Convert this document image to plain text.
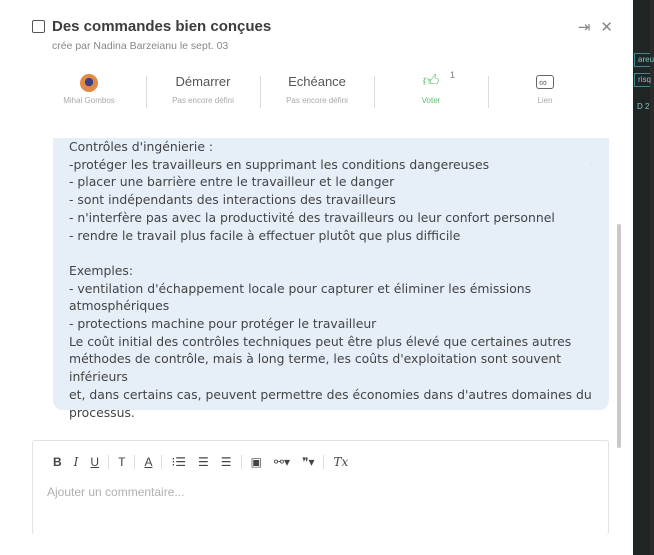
areu
risq
D 2
Des commandes bien conçues
crée par Nadina Barzeianu le sept. 03
⇥ ✕
Mihai Gombos
Démarrer
Pas encore défini
Echéance
Pas encore défini
👍︎	1
Voter
∞	Lien
Contrôles d'ingénierie :
-protéger les travailleurs en supprimant les conditions dangereuses
- placer une barrière entre le travailleur et le danger
- sont indépendants des interactions des travailleurs
- n'interfère pas avec la productivité des travailleurs ou leur confort personnel
- rendre le travail plus facile à effectuer plutôt que plus difficile

Exemples:
- ventilation d'échappement locale pour capturer et éliminer les émissions
atmosphériques
- protections machine pour protéger le travailleur
Le coût initial des contrôles techniques peut être plus élevé que certaines autres
méthodes de contrôle, mais à long terme, les coûts d'exploitation sont souvent inférieurs
et, dans certains cas, peuvent permettre des économies dans d'autres domaines du
processus.
.
B	I	U	T	A	⁝☰	☰	☰	▣	⚯▾	❞▾	Tx
Ajouter un commentaire...
